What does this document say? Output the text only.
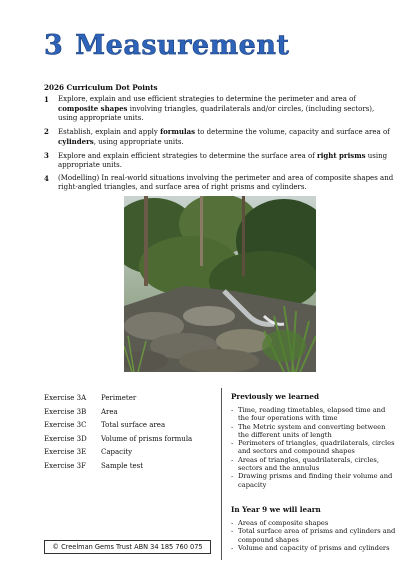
3 Measurement
2026 Curriculum Dot Points
1	Explore, explain and use efficient strategies to determine the perimeter and area of composite shapes involving triangles, quadrilaterals and/or circles, (including sectors), using appropriate units.
2	Establish, explain and apply formulas to determine the volume, capacity and surface area of cylinders, using appropriate units.
3	Explore and explain efficient strategies to determine the surface area of right prisms using appropriate units.
4	(Modelling) In real-world situations involving the perimeter and area of composite shapes and right-angled triangles, and surface area of right prisms and cylinders.
Exercise 3A	Perimeter
Exercise 3B	Area
Exercise 3C	Total surface area
Exercise 3D	Volume of prisms formula
Exercise 3E	Capacity
Exercise 3F	Sample test
Previously we learned
- Time, reading timetables, elapsed time and the four operations with time
- The Metric system and converting between the different units of length
- Perimeters of triangles, quadrilaterals, circles and sectors and compound shapes
- Areas of triangles, quadrilaterals, circles, sectors and the annulus
- Drawing prisms and finding their volume and capacity
In Year 9 we will learn
- Areas of composite shapes
- Total surface area of prisms and cylinders and compound shapes
- Volume and capacity of prisms and cylinders
© Creelman Gems Trust ABN 34 185 760 075
